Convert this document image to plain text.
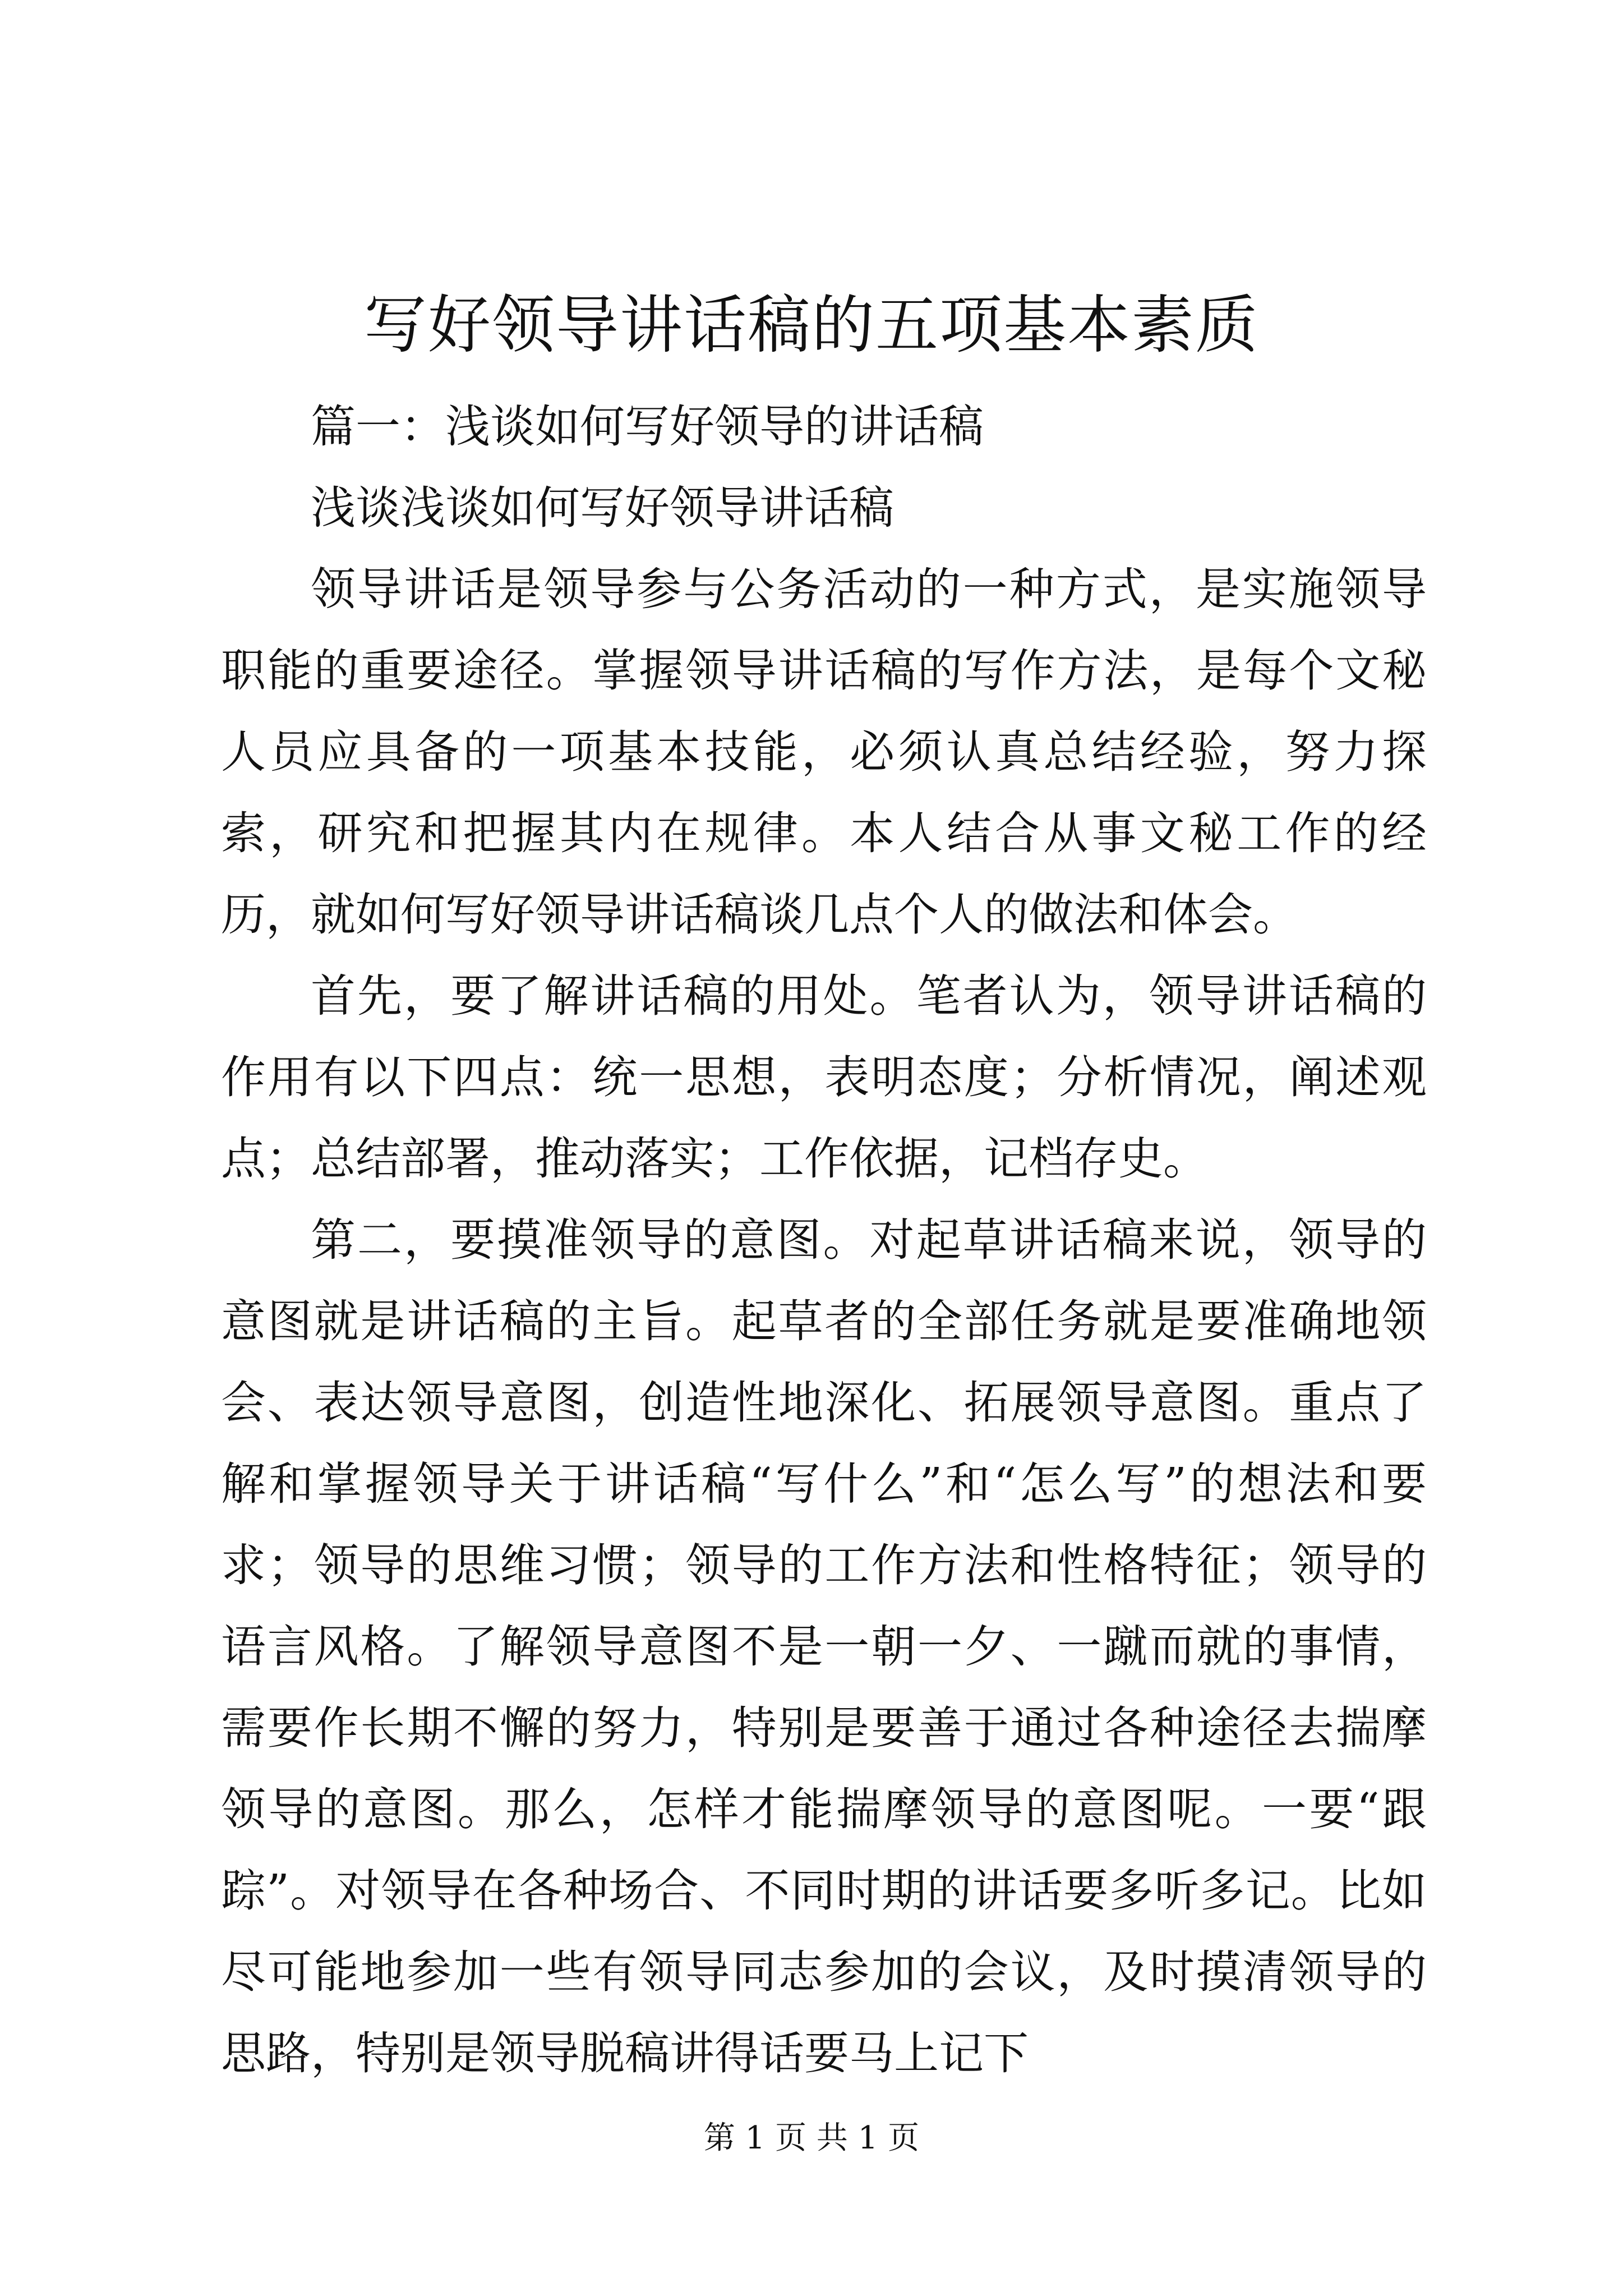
写好领导讲话稿的五项基本素质

篇一：浅谈如何写好领导的讲话稿

浅谈浅谈如何写好领导讲话稿

领导讲话是领导参与公务活动的一种方式，是实施领导职能的重要途径。掌握领导讲话稿的写作方法，是每个文秘人员应具备的一项基本技能，必须认真总结经验，努力探索，研究和把握其内在规律。本人结合从事文秘工作的经历，就如何写好领导讲话稿谈几点个人的做法和体会。

首先，要了解讲话稿的用处。笔者认为，领导讲话稿的作用有以下四点：统一思想，表明态度；分析情况，阐述观点；总结部署，推动落实；工作依据，记档存史。

第二，要摸准领导的意图。对起草讲话稿来说，领导的意图就是讲话稿的主旨。起草者的全部任务就是要准确地领会、表达领导意图，创造性地深化、拓展领导意图。重点了解和掌握领导关于讲话稿“写什么”和“怎么写”的想法和要求；领导的思维习惯；领导的工作方法和性格特征；领导的语言风格。了解领导意图不是一朝一夕、一蹴而就的事情，需要作长期不懈的努力，特别是要善于通过各种途径去揣摩领导的意图。那么，怎样才能揣摩领导的意图呢。一要“跟踪”。对领导在各种场合、不同时期的讲话要多听多记。比如尽可能地参加一些有领导同志参加的会议，及时摸清领导的思路，特别是领导脱稿讲得话要马上记下

第 1 页 共 1 页
